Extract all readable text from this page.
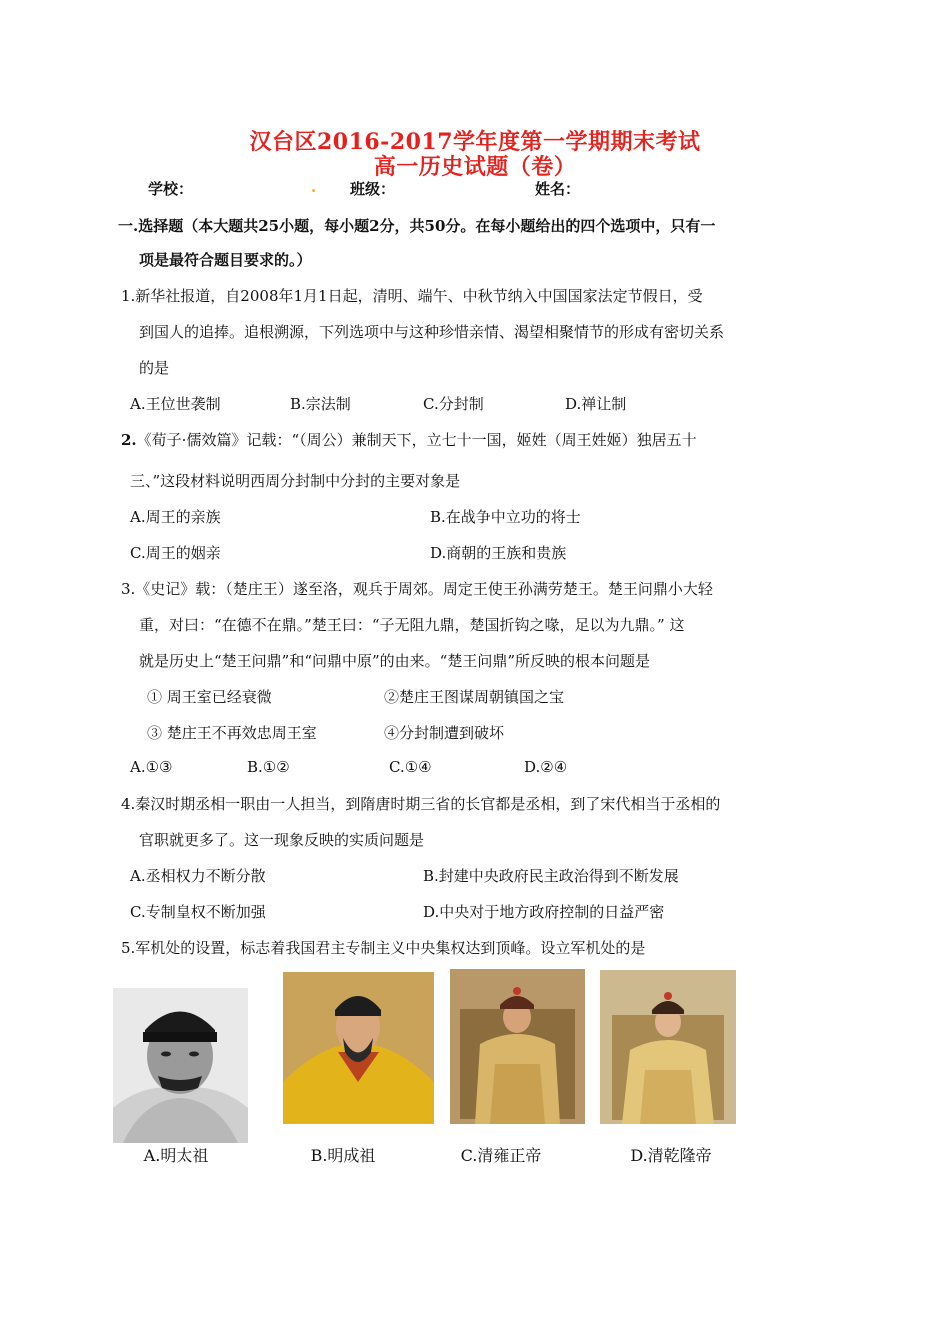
汉台区2016-2017学年度第一学期期末考试
高一历史试题（卷）
学校：	. 班级：	姓名：
一.选择题（本大题共25小题，每小题2分，共50分。在每小题给出的四个选项中，只有一
项是最符合题目要求的。）
1.新华社报道，自2008年1月1日起，清明、端午、中秋节纳入中国国家法定节假日，受
到国人的追捧。追根溯源，下列选项中与这种珍惜亲情、渴望相聚情节的形成有密切关系
的是
A.王位世袭制	B.宗法制	C.分封制	D.禅让制
2.《荀子·儒效篇》记载：“（周公）兼制天下，立七十一国，姬姓（周王姓姬）独居五十
三、”这段材料说明西周分封制中分封的主要对象是
A.周王的亲族	B.在战争中立功的将士
C.周王的姻亲	D.商朝的王族和贵族
3.《史记》载：（楚庄王）遂至洛，观兵于周郊。周定王使王孙满劳楚王。楚王问鼎小大轻
重，对曰：“在德不在鼎。”楚王曰：“子无阻九鼎，楚国折钩之喙，足以为九鼎。” 这
就是历史上“楚王问鼎”和“问鼎中原”的由来。“楚王问鼎”所反映的根本问题是
① 周王室已经衰微	②楚庄王图谋周朝镇国之宝
③ 楚庄王不再效忠周王室	④分封制遭到破坏
A.①③	B.①②	C.①④	D.②④
4.秦汉时期丞相一职由一人担当，到隋唐时期三省的长官都是丞相，到了宋代相当于丞相的
官职就更多了。这一现象反映的实质问题是
A.丞相权力不断分散	B.封建中央政府民主政治得到不断发展
C.专制皇权不断加强	D.中央对于地方政府控制的日益严密
5.军机处的设置，标志着我国君主专制主义中央集权达到顶峰。设立军机处的是
A.明太祖	B.明成祖	C.清雍正帝	D.清乾隆帝
